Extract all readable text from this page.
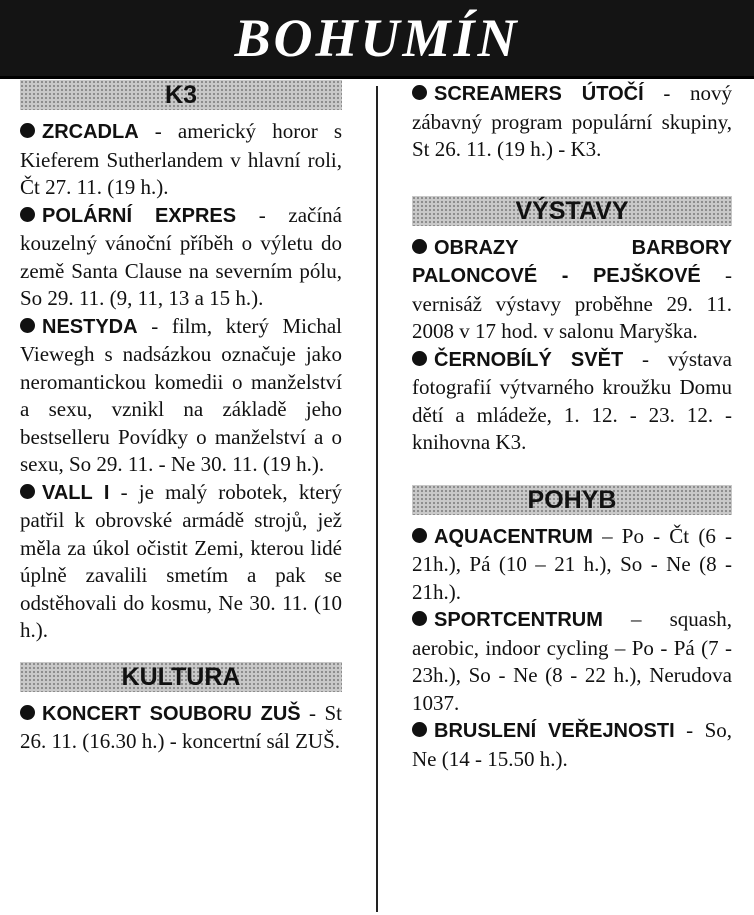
BOHUMÍN
K3

ZRCADLA - americký horor s Kieferem Sutherlandem v hlavní roli, Čt 27. 11. (19 h.).

POLÁRNÍ EXPRES - začíná kouzelný vánoční příběh o výletu do země Santa Clause na severním pólu, So 29. 11. (9, 11, 13 a 15 h.).

NESTYDA - film, který Michal Viewegh s nadsázkou označuje jako neromantickou komedii o manželství a sexu, vznikl na základě jeho bestselleru Povídky o manželství a o sexu, So 29. 11. - Ne 30. 11. (19 h.).

VALL I - je malý robotek, který patřil k obrovské armádě strojů, jež měla za úkol očistit Zemi, kterou lidé úplně zavalili smetím a pak se odstěhovali do kosmu, Ne 30. 11. (10 h.).

KULTURA

KONCERT SOUBORU ZUŠ - St 26. 11. (16.30 h.) - koncertní sál ZUŠ.

SCREAMERS ÚTOČÍ - nový zábavný program populární skupiny, St 26. 11. (19 h.) - K3.

VÝSTAVY

OBRAZY BARBORY PALONCOVÉ - PEJŠKOVÉ - vernisáž výstavy proběhne 29. 11. 2008 v 17 hod. v salonu Maryška.

ČERNOBÍLÝ SVĚT - výstava fotografií výtvarného kroužku Domu dětí a mládeže, 1. 12. - 23. 12. - knihovna K3.

POHYB

AQUACENTRUM – Po - Čt (6 - 21h.), Pá (10 – 21 h.), So - Ne (8 - 21h.).

SPORTCENTRUM – squash, aerobic, indoor cycling – Po - Pá (7 - 23h.), So - Ne (8 - 22 h.), Nerudova 1037.

BRUSLENÍ VEŘEJNOSTI - So, Ne (14 - 15.50 h.).
